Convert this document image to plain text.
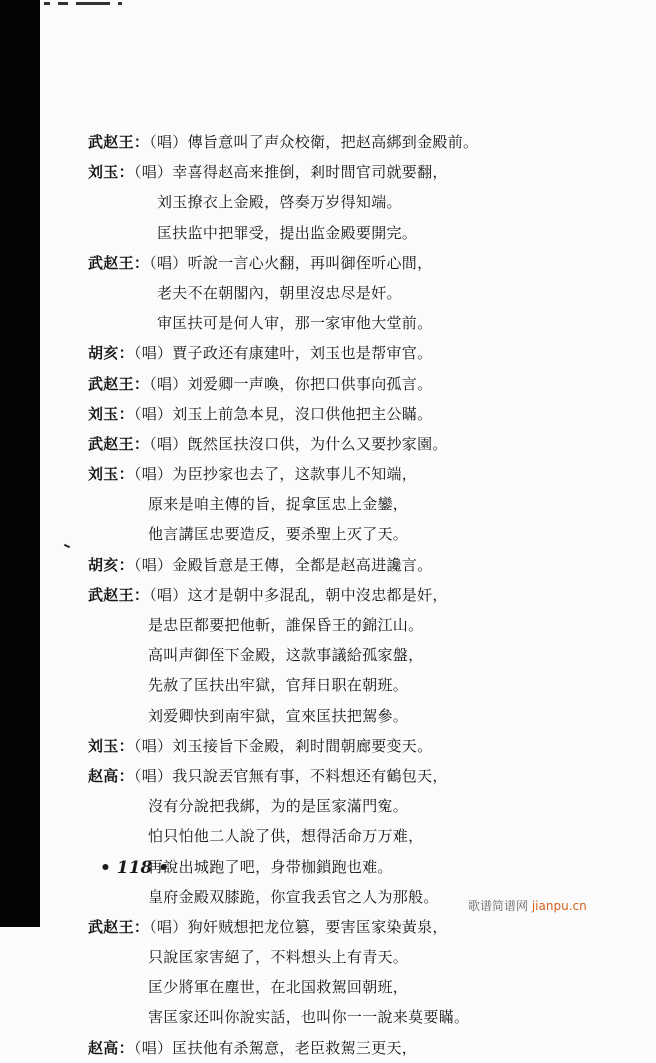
武赵王：（唱）傳旨意叫了声众校衛，把赵高綁到金殿前。
刘玉：（唱）幸喜得赵高来推倒，剎时間官司就要翻，
刘玉撩衣上金殿，啓奏万岁得知端。
匡扶监中把罪受，提出监金殿要開完。
武赵王：（唱）听說一言心火翻，再叫御侄听心間，
老夫不在朝閣內，朝里沒忠尽是奸。
审匡扶可是何人审，那一家审他大堂前。
胡亥：（唱）賈子政还有康建叶，刘玉也是帮审官。
武赵王：（唱）刘爱卿一声喚，你把口供事向孤言。
刘玉：（唱）刘玉上前急本見，沒口供他把主公瞞。
武赵王：（唱）旣然匡扶沒口供，为什么又要抄家園。
刘玉：（唱）为臣抄家也去了，这款事儿不知端，
原来是咱主傳的旨，捉拿匡忠上金鑾，
他言講匡忠要造反，要杀聖上灭了天。
胡亥：（唱）金殿旨意是王傳，全都是赵高进讒言。
武赵王：（唱）这才是朝中多混乱，朝中沒忠都是奸，
是忠臣都要把他斬，誰保昏王的錦江山。
高叫声御侄下金殿，这款事議給孤家盤，
先赦了匡扶出牢獄，官拜日职在朝班。
刘爱卿快到南牢獄，宣來匡扶把駕參。
刘玉：（唱）刘玉接旨下金殿，剎时間朝廊要变天。
赵高：（唱）我只說丟官無有事，不料想还有鶴包天，
沒有分說把我綁，为的是匡家滿門寃。
怕只怕他二人說了供，想得活命万万难，
再說出城跑了吧，身带枷鎖跑也难。
皇府金殿双膝跪，你宣我丢官之人为那般。
武赵王：（唱）狗奸贼想把龙位篡，要害匡家染黃泉，
只說匡家害絕了，不料想头上有青天。
匡少將軍在塵世，在北国救駕回朝班，
害匡家还叫你說实話，也叫你一一說来莫要瞞。
赵高：（唱）匡扶他有杀駕意，老臣救駕三更天，
• 118 •
歌谱简谱网 jianpu.cn
